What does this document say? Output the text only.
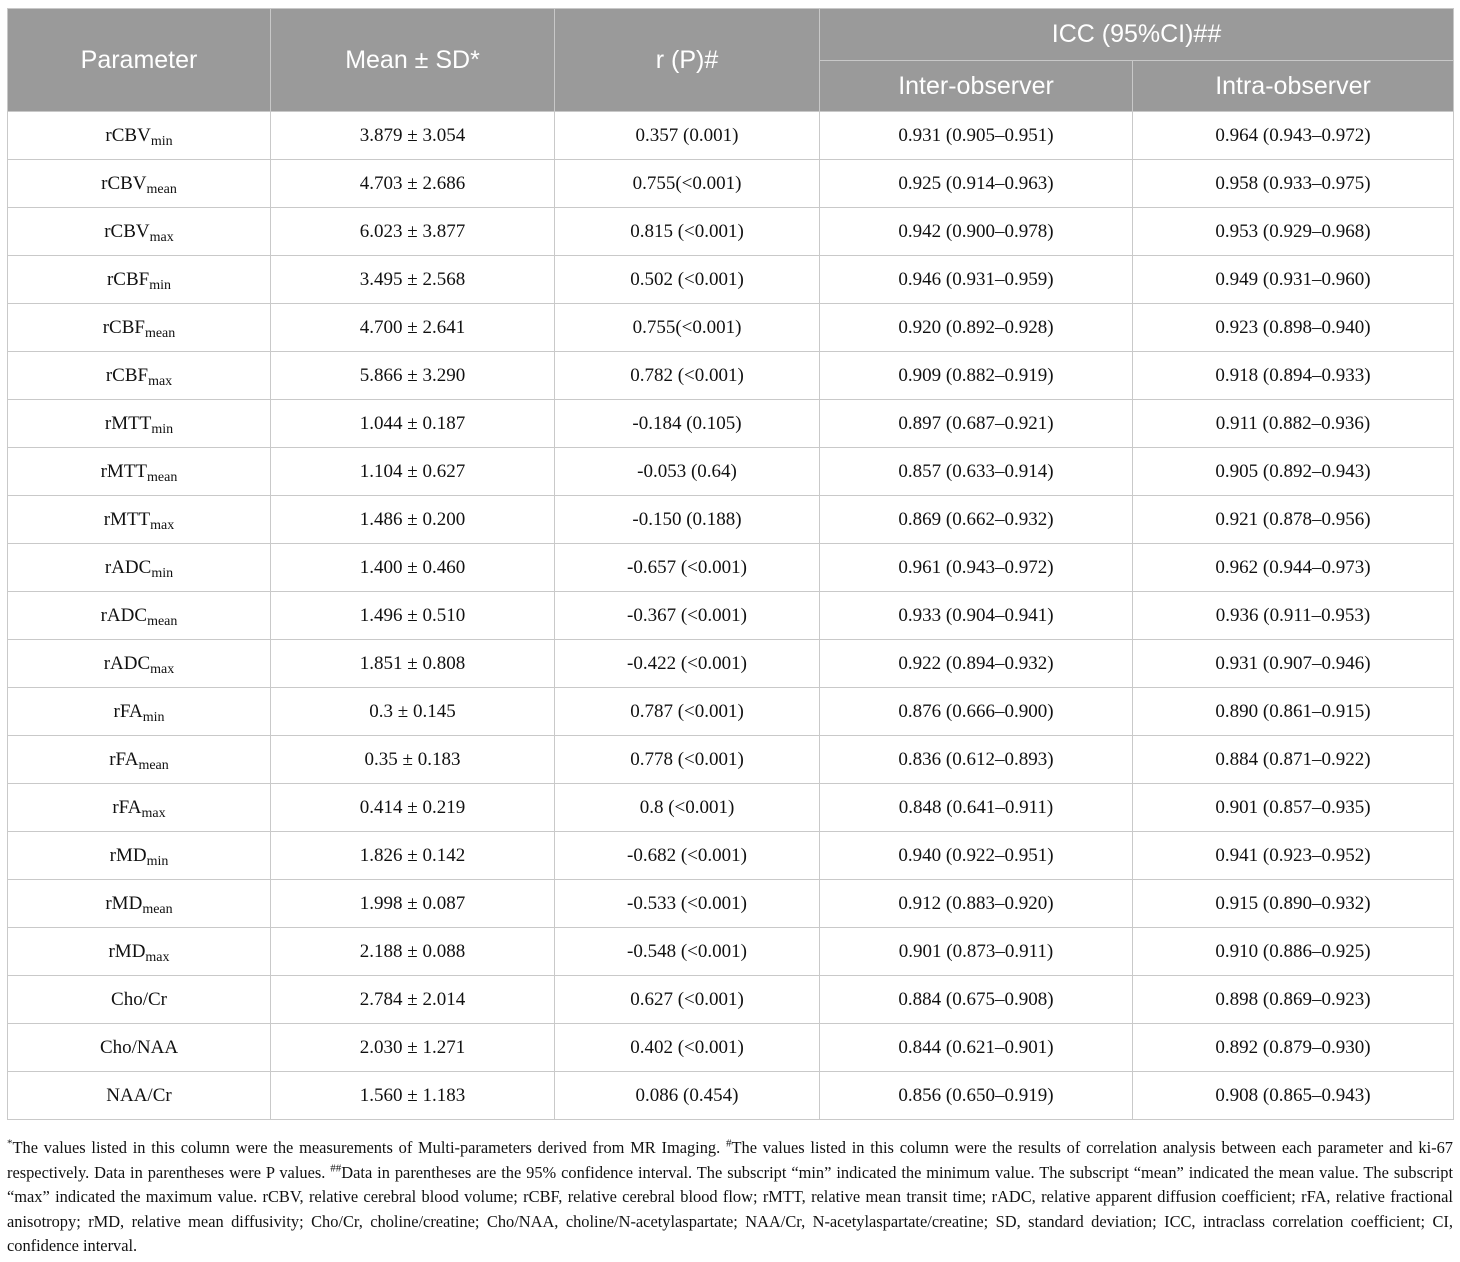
Parameter	Mean ± SD*	r (P)#	ICC (95%CI)##	
			Inter-observer	Intra-observer
rCBV$_{min}$	3.879 ± 3.054	0.357 (0.001)	0.931 (0.905–0.951)	0.964 (0.943–0.972)
rCBV$_{mean}$	4.703 ± 2.686	0.755(<0.001)	0.925 (0.914–0.963)	0.958 (0.933–0.975)
rCBV$_{max}$	6.023 ± 3.877	0.815 (<0.001)	0.942 (0.900–0.978)	0.953 (0.929–0.968)
rCBF$_{min}$	3.495 ± 2.568	0.502 (<0.001)	0.946 (0.931–0.959)	0.949 (0.931–0.960)
rCBF$_{mean}$	4.700 ± 2.641	0.755(<0.001)	0.920 (0.892–0.928)	0.923 (0.898–0.940)
rCBF$_{max}$	5.866 ± 3.290	0.782 (<0.001)	0.909 (0.882–0.919)	0.918 (0.894–0.933)
rMTT$_{min}$	1.044 ± 0.187	-0.184 (0.105)	0.897 (0.687–0.921)	0.911 (0.882–0.936)
rMTT$_{mean}$	1.104 ± 0.627	-0.053 (0.64)	0.857 (0.633–0.914)	0.905 (0.892–0.943)
rMTT$_{max}$	1.486 ± 0.200	-0.150 (0.188)	0.869 (0.662–0.932)	0.921 (0.878–0.956)
rADC$_{min}$	1.400 ± 0.460	-0.657 (<0.001)	0.961 (0.943–0.972)	0.962 (0.944–0.973)
rADC$_{mean}$	1.496 ± 0.510	-0.367 (<0.001)	0.933 (0.904–0.941)	0.936 (0.911–0.953)
rADC$_{max}$	1.851 ± 0.808	-0.422 (<0.001)	0.922 (0.894–0.932)	0.931 (0.907–0.946)
rFA$_{min}$	0.3 ± 0.145	0.787 (<0.001)	0.876 (0.666–0.900)	0.890 (0.861–0.915)
rFA$_{mean}$	0.35 ± 0.183	0.778 (<0.001)	0.836 (0.612–0.893)	0.884 (0.871–0.922)
rFA$_{max}$	0.414 ± 0.219	0.8 (<0.001)	0.848 (0.641–0.911)	0.901 (0.857–0.935)
rMD$_{min}$	1.826 ± 0.142	-0.682 (<0.001)	0.940 (0.922–0.951)	0.941 (0.923–0.952)
rMD$_{mean}$	1.998 ± 0.087	-0.533 (<0.001)	0.912 (0.883–0.920)	0.915 (0.890–0.932)
rMD$_{max}$	2.188 ± 0.088	-0.548 (<0.001)	0.901 (0.873–0.911)	0.910 (0.886–0.925)
Cho/Cr	2.784 ± 2.014	0.627 (<0.001)	0.884 (0.675–0.908)	0.898 (0.869–0.923)
Cho/NAA	2.030 ± 1.271	0.402 (<0.001)	0.844 (0.621–0.901)	0.892 (0.879–0.930)
NAA/Cr	1.560 ± 1.183	0.086 (0.454)	0.856 (0.650–0.919)	0.908 (0.865–0.943)
*The values listed in this column were the measurements of Multi-parameters derived from MR Imaging. #The values listed in this column were the results of correlation analysis between each parameter and ki-67 respectively. Data in parentheses were P values. ##Data in parentheses are the 95% confidence interval. The subscript “min” indicated the minimum value. The subscript “mean” indicated the mean value. The subscript “max” indicated the maximum value. rCBV, relative cerebral blood volume; rCBF, relative cerebral blood flow; rMTT, relative mean transit time; rADC, relative apparent diffusion coefficient; rFA, relative fractional anisotropy; rMD, relative mean diffusivity; Cho/Cr, choline/creatine; Cho/NAA, choline/N-acetylaspartate; NAA/Cr, N-acetylaspartate/creatine; SD, standard deviation; ICC, intraclass correlation coefficient; CI, confidence interval.
